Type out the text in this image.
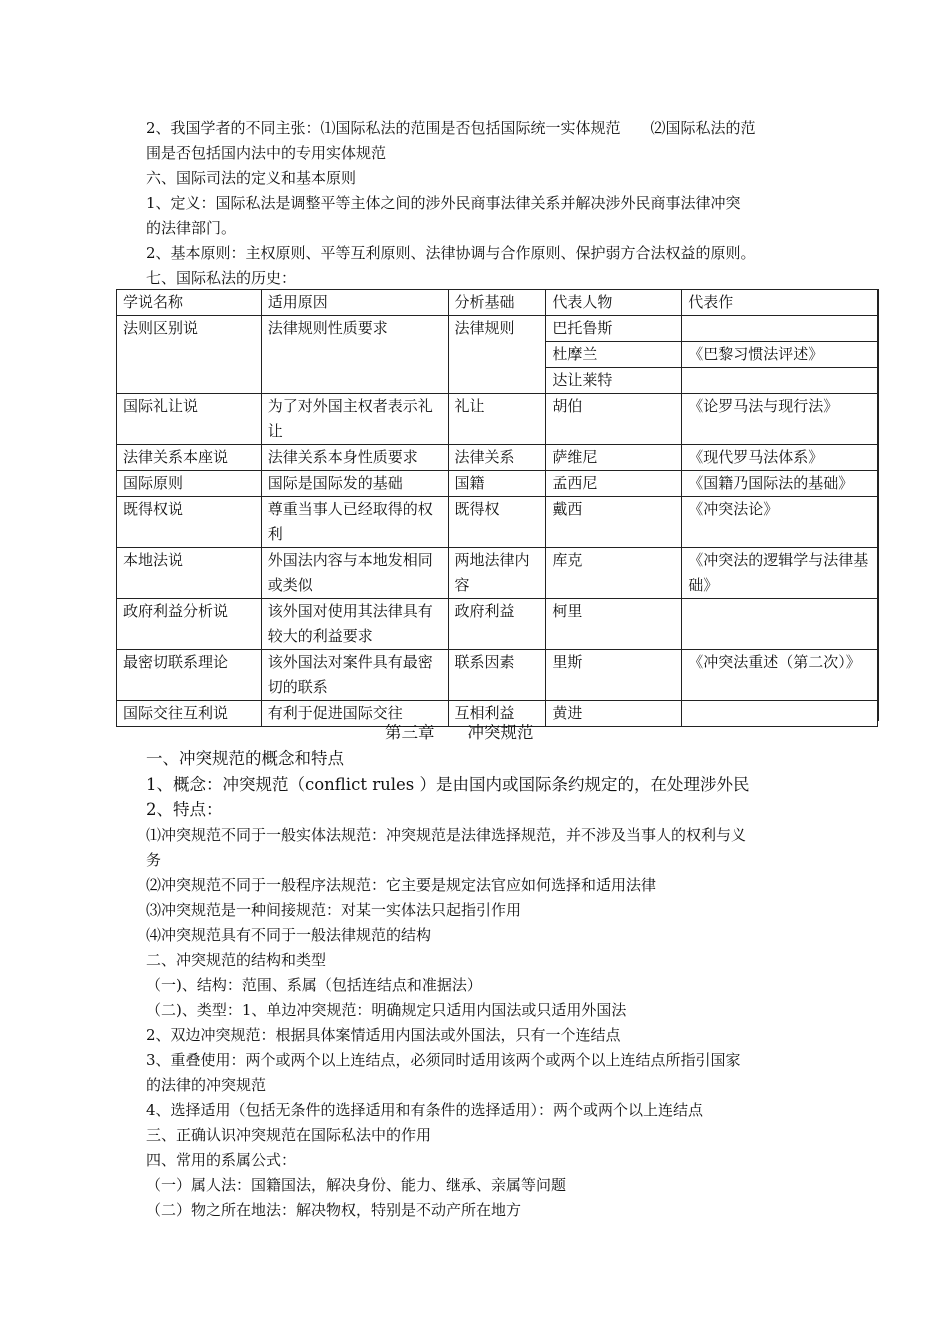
2、我国学者的不同主张：⑴国际私法的范围是否包括国际统一实体规范　　⑵国际私法的范
围是否包括国内法中的专用实体规范
六、国际司法的定义和基本原则
1、定义：国际私法是调整平等主体之间的涉外民商事法律关系并解决涉外民商事法律冲突
的法律部门。
2、基本原则：主权原则、平等互利原则、法律协调与合作原则、保护弱方合法权益的原则。
七、国际私法的历史：
学说名称	适用原因	分析基础	代表人物	代表作
法则区别说	法律规则性质要求	法律规则	巴托鲁斯	
			杜摩兰	《巴黎习惯法评述》
			达让莱特	
国际礼让说	为了对外国主权者表示礼让	礼让	胡伯	《论罗马法与现行法》
法律关系本座说	法律关系本身性质要求	法律关系	萨维尼	《现代罗马法体系》
国际原则	国际是国际发的基础	国籍	孟西尼	《国籍乃国际法的基础》
既得权说	尊重当事人已经取得的权利	既得权	戴西	《冲突法论》
本地法说	外国法内容与本地发相同或类似	两地法律内容	库克	《冲突法的逻辑学与法律基础》
政府利益分析说	该外国对使用其法律具有较大的利益要求	政府利益	柯里	
最密切联系理论	该外国法对案件具有最密切的联系	联系因素	里斯	《冲突法重述（第二次）》
国际交往互利说	有利于促进国际交往	互相利益	黄进	
第三章　　冲突规范
一、冲突规范的概念和特点
1、概念：冲突规范（conflict rules ）是由国内或国际条约规定的，在处理涉外民
2、特点：
⑴冲突规范不同于一般实体法规范：冲突规范是法律选择规范，并不涉及当事人的权利与义
务
⑵冲突规范不同于一般程序法规范：它主要是规定法官应如何选择和适用法律
⑶冲突规范是一种间接规范：对某一实体法只起指引作用
⑷冲突规范具有不同于一般法律规范的结构
二、冲突规范的结构和类型
（一)、结构：范围、系属（包括连结点和准据法）
（二)、类型：1、单边冲突规范：明确规定只适用内国法或只适用外国法
2、双边冲突规范：根据具体案情适用内国法或外国法，只有一个连结点
3、重叠使用：两个或两个以上连结点，必须同时适用该两个或两个以上连结点所指引国家
的法律的冲突规范
4、选择适用（包括无条件的选择适用和有条件的选择适用）：两个或两个以上连结点
三、正确认识冲突规范在国际私法中的作用
四、常用的系属公式：
（一）属人法：国籍国法，解决身份、能力、继承、亲属等问题
（二）物之所在地法：解决物权，特别是不动产所在地方
